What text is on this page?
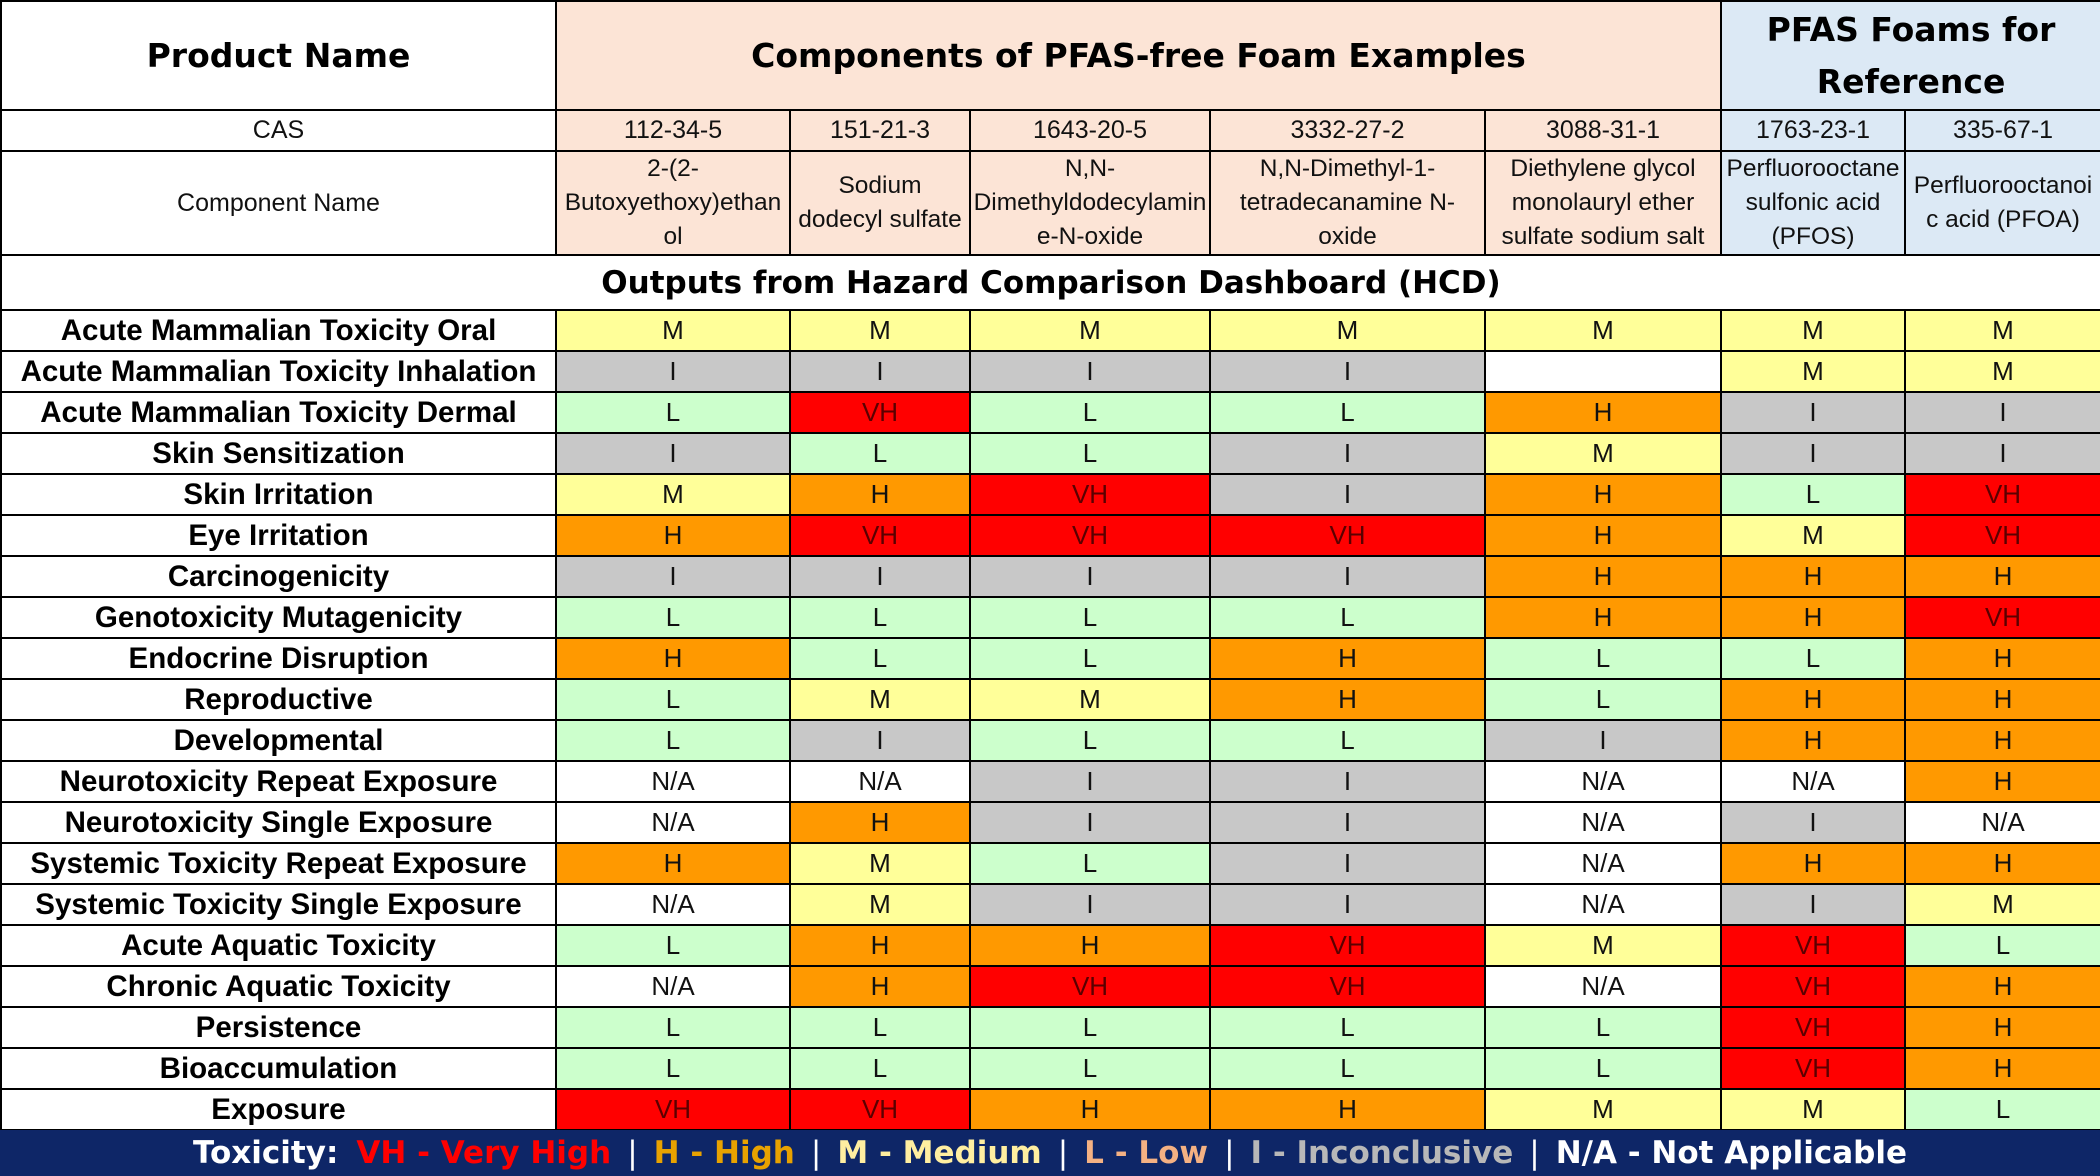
Product Name	Components of PFAS-free Foam Examples					PFAS Foams for Reference	
CAS	112-34-5	151-21-3	1643-20-5	3332-27-2	3088-31-1	1763-23-1	335-67-1
Component Name	2-(2-Butoxyethoxy)ethanol	Sodium dodecyl sulfate	N,N-Dimethyldodecylamine-N-oxide	N,N-Dimethyl-1-tetradecanamine N-oxide	Diethylene glycol monolauryl ether sulfate sodium salt	Perfluorooctanesulfonic acid (PFOS)	Perfluorooctanoic acid (PFOA)

Outputs from Hazard Comparison Dashboard (HCD)							
Acute Mammalian Toxicity Oral	M	M	M	M	M	M	M
Acute Mammalian Toxicity Inhalation	I	I	I	I		M	M
Acute Mammalian Toxicity Dermal	L	VH	L	L	H	I	I
Skin Sensitization	I	L	L	I	M	I	I
Skin Irritation	M	H	VH	I	H	L	VH
Eye Irritation	H	VH	VH	VH	H	M	VH
Carcinogenicity	I	I	I	I	H	H	H
Genotoxicity Mutagenicity	L	L	L	L	H	H	VH
Endocrine Disruption	H	L	L	H	L	L	H
Reproductive	L	M	M	H	L	H	H
Developmental	L	I	L	L	I	H	H
Neurotoxicity Repeat Exposure	N/A	N/A	I	I	N/A	N/A	H
Neurotoxicity Single Exposure	N/A	H	I	I	N/A	I	N/A
Systemic Toxicity Repeat Exposure	H	M	L	I	N/A	H	H
Systemic Toxicity Single Exposure	N/A	M	I	I	N/A	I	M
Acute Aquatic Toxicity	L	H	H	VH	M	VH	L
Chronic Aquatic Toxicity	N/A	H	VH	VH	N/A	VH	H
Persistence	L	L	L	L	L	VH	H
Bioaccumulation	L	L	L	L	L	VH	H
Exposure	VH	VH	H	H	M	M	L
Toxicity: VH - Very High | H - High | M - Medium | L - Low | I - Inconclusive | N/A - Not Applicable
